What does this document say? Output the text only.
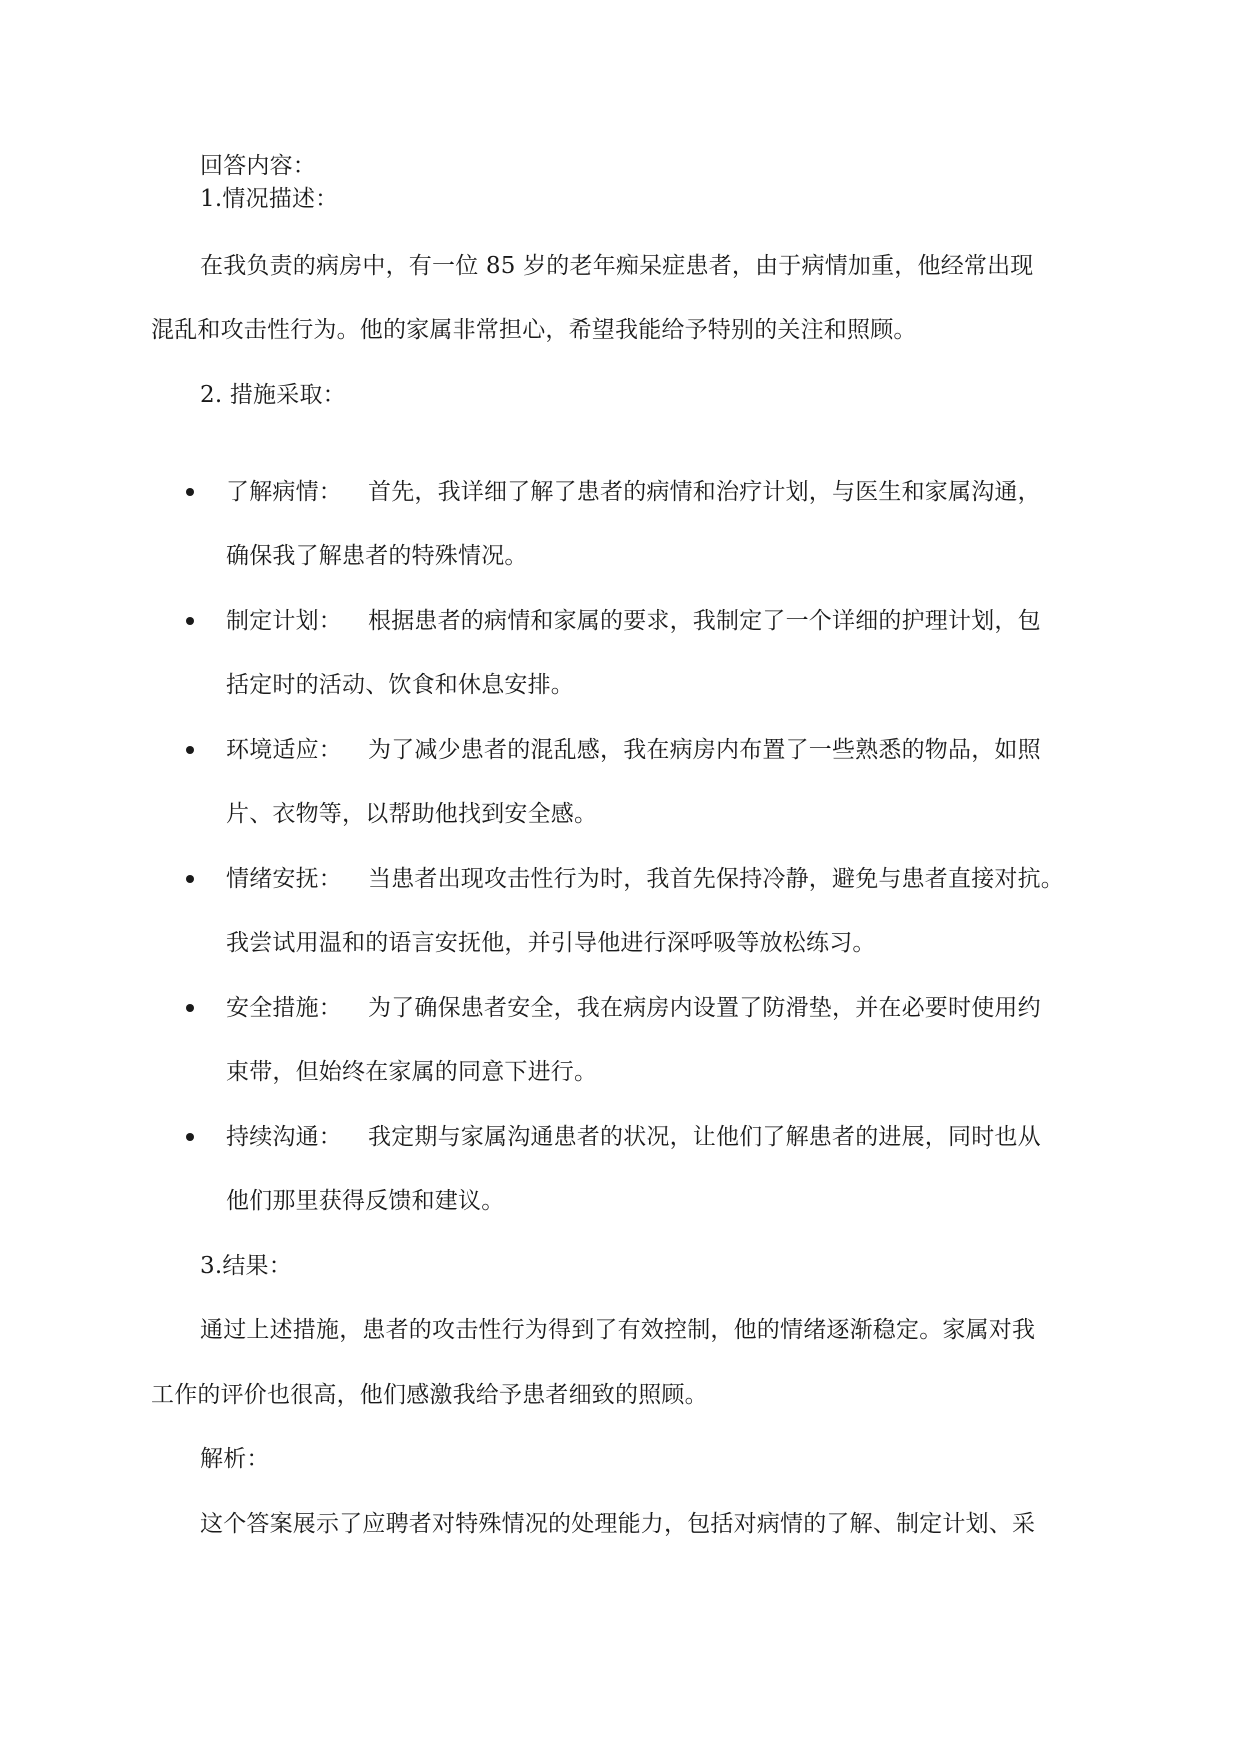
回答内容：
1.情况描述：
在我负责的病房中，有一位 85 岁的老年痴呆症患者，由于病情加重，他经常出现
混乱和攻击性行为。他的家属非常担心，希望我能给予特别的关注和照顾。
2. 措施采取：
了解病情： 首先，我详细了解了患者的病情和治疗计划，与医生和家属沟通，
确保我了解患者的特殊情况。
制定计划： 根据患者的病情和家属的要求，我制定了一个详细的护理计划，包
括定时的活动、饮食和休息安排。
环境适应： 为了减少患者的混乱感，我在病房内布置了一些熟悉的物品，如照
片、衣物等，以帮助他找到安全感。
情绪安抚： 当患者出现攻击性行为时，我首先保持冷静，避免与患者直接对抗。
我尝试用温和的语言安抚他，并引导他进行深呼吸等放松练习。
安全措施： 为了确保患者安全，我在病房内设置了防滑垫，并在必要时使用约
束带，但始终在家属的同意下进行。
持续沟通： 我定期与家属沟通患者的状况，让他们了解患者的进展，同时也从
他们那里获得反馈和建议。
3.结果：
通过上述措施，患者的攻击性行为得到了有效控制，他的情绪逐渐稳定。家属对我
工作的评价也很高，他们感激我给予患者细致的照顾。
解析：
这个答案展示了应聘者对特殊情况的处理能力，包括对病情的了解、制定计划、采
